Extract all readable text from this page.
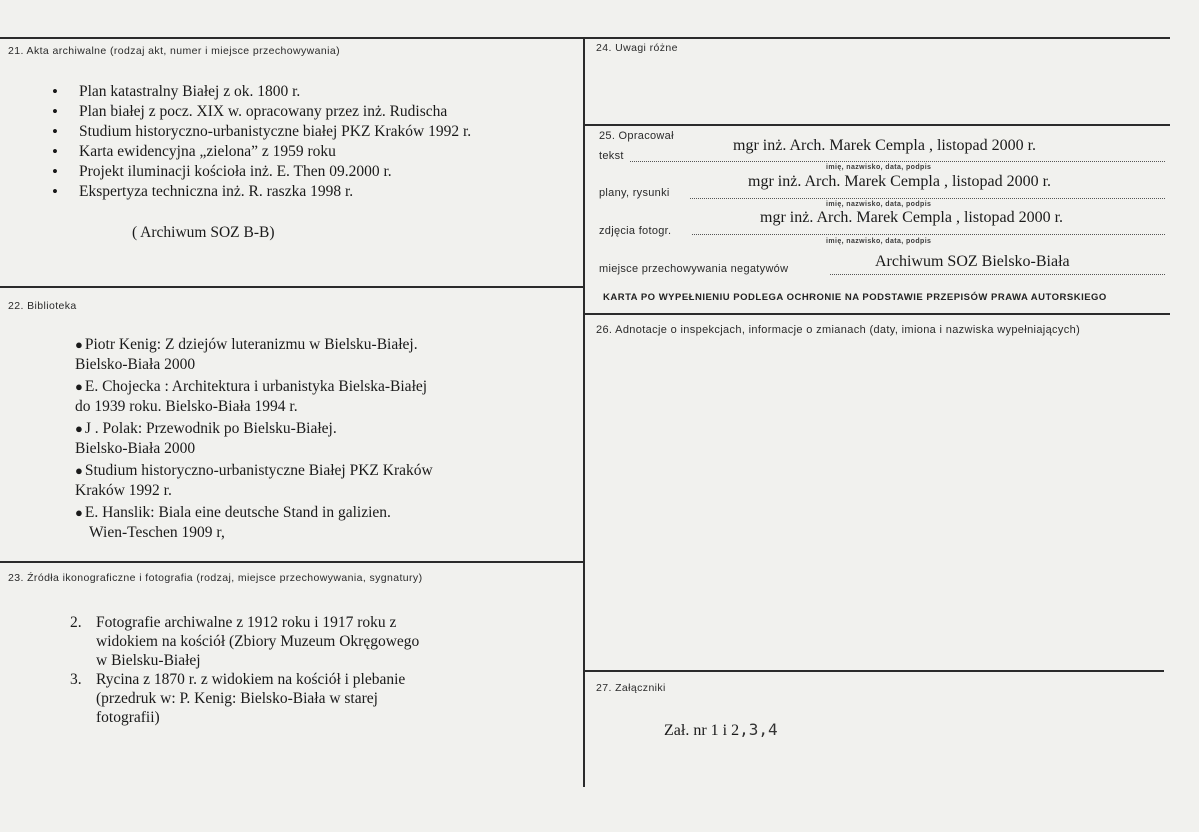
21. Akta archiwalne (rodzaj akt, numer i miejsce przechowywania)
• Plan katastralny Białej z ok. 1800 r.
• Plan białej z pocz. XIX w. opracowany przez inż. Rudischa
• Studium historyczno-urbanistyczne białej PKZ Kraków 1992 r.
• Karta ewidencyjna „zielona” z 1959 roku
• Projekt iluminacji kościoła inż. E. Then 09.2000 r.
• Ekspertyza techniczna inż. R. raszka 1998 r.
( Archiwum SOZ B-B)
22. Biblioteka
● Piotr Kenig: Z dziejów luteranizmu w Bielsku-Białej.
Bielsko-Biała 2000
● E. Chojecka : Architektura i urbanistyka Bielska-Białej
do 1939 roku. Bielsko-Biała 1994 r.
● J . Polak: Przewodnik po Bielsku-Białej.
Bielsko-Biała 2000
● Studium historyczno-urbanistyczne Białej PKZ Kraków
Kraków 1992 r.
● E. Hanslik: Biala eine deutsche Stand in galizien.
Wien-Teschen 1909 r,
23. Źródła ikonograficzne i fotografia (rodzaj, miejsce przechowywania, sygnatury)
2. Fotografie archiwalne z 1912 roku i 1917 roku z
widokiem na kościół (Zbiory Muzeum Okręgowego
w Bielsku-Białej
3. Rycina z 1870 r. z widokiem na kościół i plebanie
(przedruk w: P. Kenig: Bielsko-Biała w starej
fotografii)
24. Uwagi różne
25. Opracował
tekst
mgr inż. Arch. Marek Cempla , listopad 2000 r.
imię, nazwisko, data, podpis
plany, rysunki
mgr inż. Arch. Marek Cempla , listopad 2000 r.
imię, nazwisko, data, podpis
zdjęcia fotogr.
mgr inż. Arch. Marek Cempla , listopad 2000 r.
imię, nazwisko, data, podpis
miejsce przechowywania negatywów	Archiwum SOZ Bielsko-Biała
KARTA PO WYPEŁNIENIU PODLEGA OCHRONIE NA PODSTAWIE PRZEPISÓW PRAWA AUTORSKIEGO
26. Adnotacje o inspekcjach, informacje o zmianach (daty, imiona i nazwiska wypełniających)
27. Załączniki
Zał. nr 1 i 2,3,4
